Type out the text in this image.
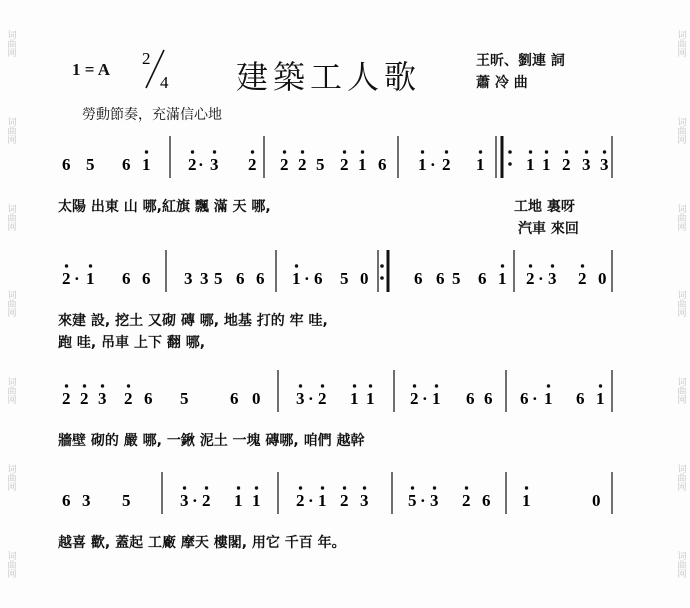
词曲网
词曲网
词曲网
词曲网
词曲网
词曲网
词曲网
词曲网
词曲网
词曲网
词曲网
词曲网
词曲网
词曲网
1 = A
2
4 建築工人歌	王昕、劉連 詞
蕭 冷 曲
勞動節奏，充滿信心地
6 5 6 1 2 · 3 2 2 2 5 2 1 6 1 · 2 1 1 1 2 3 3
2 · 1 6 6 3 3 5 6 6 1 · 6 5 0	6 6 5 6 1 2 · 3 2 0
2 2 3 2 6 5 6 0 3 · 2 1 1 2 · 1 6 6 6 · 1 6 1
6 3 5	3 · 2 1 1 2 · 1 2 3 5 · 3 2 6 1	0
太陽 出東 山 哪,紅旗 飄 滿 天 哪,	工地 裏呀
汽車 來回
來建 設, 挖土 又砌 磚 哪, 地基 打的 牢 哇,
跑 哇, 吊車 上下 翻 哪,
牆壁 砌的 嚴 哪, 一鍬 泥土 一塊 磚哪, 咱們 越幹
越喜 歡, 蓋起 工廠 摩天 樓閣, 用它 千百 年。
